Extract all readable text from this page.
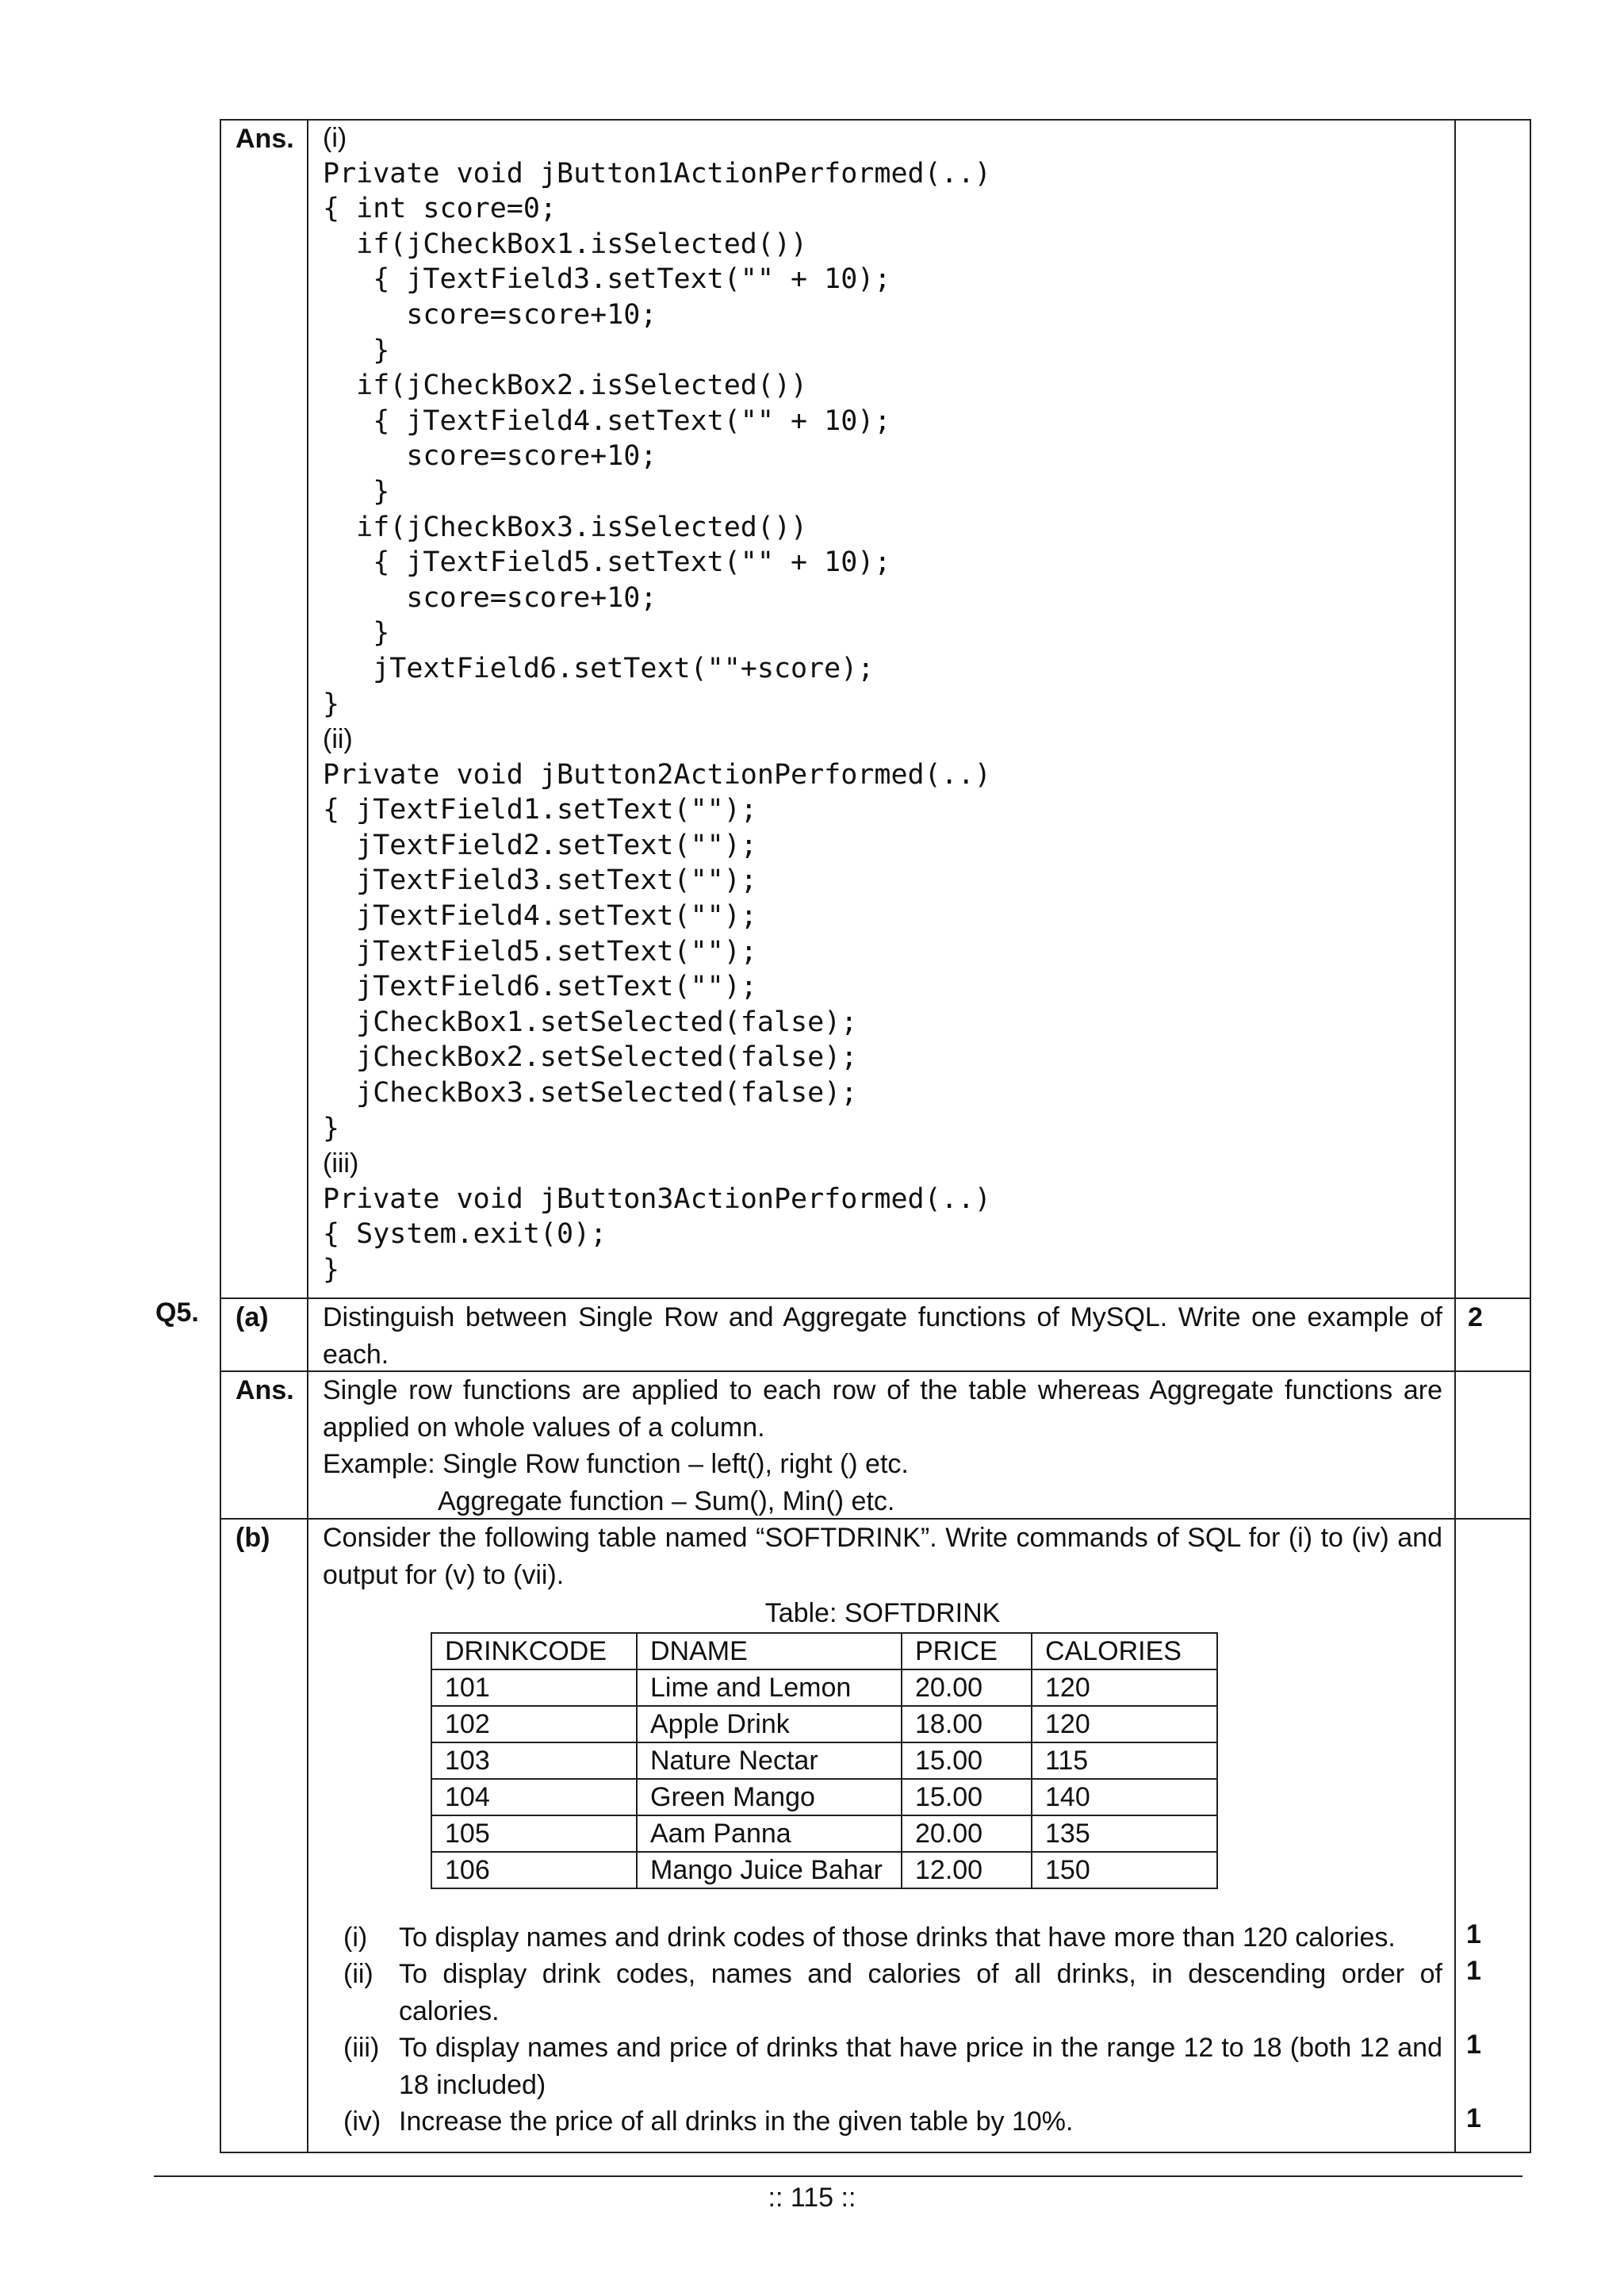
Q5.
Ans. (i)
Private void jButton1ActionPerformed(..)
{ int score=0;
if(jCheckBox1.isSelected())
{ jTextField3.setText("" + 10);
score=score+10;
}
if(jCheckBox2.isSelected())
{ jTextField4.setText("" + 10);
score=score+10;
}
if(jCheckBox3.isSelected())
{ jTextField5.setText("" + 10);
score=score+10;
}
jTextField6.setText(""+score);
}
(ii)
Private void jButton2ActionPerformed(..)
{ jTextField1.setText("");
jTextField2.setText("");
jTextField3.setText("");
jTextField4.setText("");
jTextField5.setText("");
jTextField6.setText("");
jCheckBox1.setSelected(false);
jCheckBox2.setSelected(false);
jCheckBox3.setSelected(false);
}
(iii)
Private void jButton3ActionPerformed(..)
{ System.exit(0);
}
(a) Distinguish between Single Row and Aggregate functions of MySQL. Write one example of each.
2
Ans. Single row functions are applied to each row of the table whereas Aggregate functions are applied on whole values of a column.

Example: Single Row function – left(), right () etc.

Aggregate function – Sum(), Min() etc.

(b) Consider the following table named “SOFTDRINK”. Write commands of SQL for (i) to (iv) and output for (v) to (vii).
Table: SOFTDRINK
DRINKCODE	DNAME	PRICE	CALORIES
101	Lime and Lemon	20.00	120
102	Apple Drink	18.00	120
103	Nature Nectar	15.00	115
104	Green Mango	15.00	140
105	Aam Panna	20.00	135
106	Mango Juice Bahar	12.00	150
(i) To display names and drink codes of those drinks that have more than 120 calories.
(ii) To display drink codes, names and calories of all drinks, in descending order of calories.
(iii) To display names and price of drinks that have price in the range 12 to 18 (both 12 and 18 included)
(iv) Increase the price of all drinks in the given table by 10%.
1
1
1
1
:: 115 ::
